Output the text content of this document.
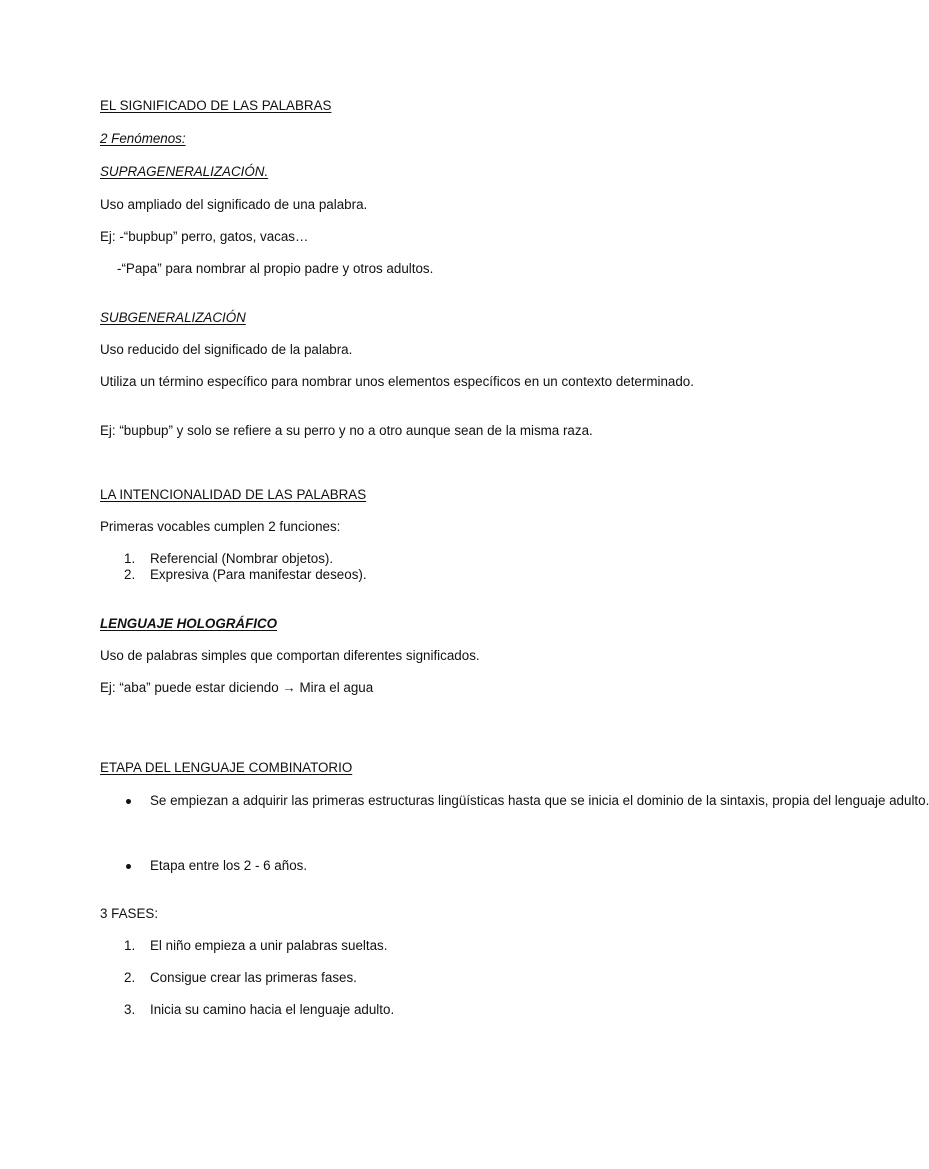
EL SIGNIFICADO DE LAS PALABRAS
2 Fenómenos:
SUPRAGENERALIZACIÓN.
Uso ampliado del significado de una palabra.
Ej: -“bupbup” perro, gatos, vacas…
-“Papa” para nombrar al propio padre y otros adultos.
SUBGENERALIZACIÓN
Uso reducido del significado de la palabra.
Utiliza un término específico para nombrar unos elementos específicos en un contexto determinado.
Ej: “bupbup” y solo se refiere a su perro y no a otro aunque sean de la misma raza.
LA INTENCIONALIDAD DE LAS PALABRAS
Primeras vocables cumplen 2 funciones:
1. Referencial (Nombrar objetos).
2. Expresiva (Para manifestar deseos).
LENGUAJE HOLOGRÁFICO
Uso de palabras simples que comportan diferentes significados.
Ej: “aba” puede estar diciendo → Mira el agua
ETAPA DEL LENGUAJE COMBINATORIO
Se empiezan a adquirir las primeras estructuras lingüísticas hasta que se inicia el dominio de la sintaxis, propia del lenguaje adulto.
Etapa entre los 2 - 6 años.
3 FASES:
1. El niño empieza a unir palabras sueltas.
2. Consigue crear las primeras fases.
3. Inicia su camino hacia el lenguaje adulto.
